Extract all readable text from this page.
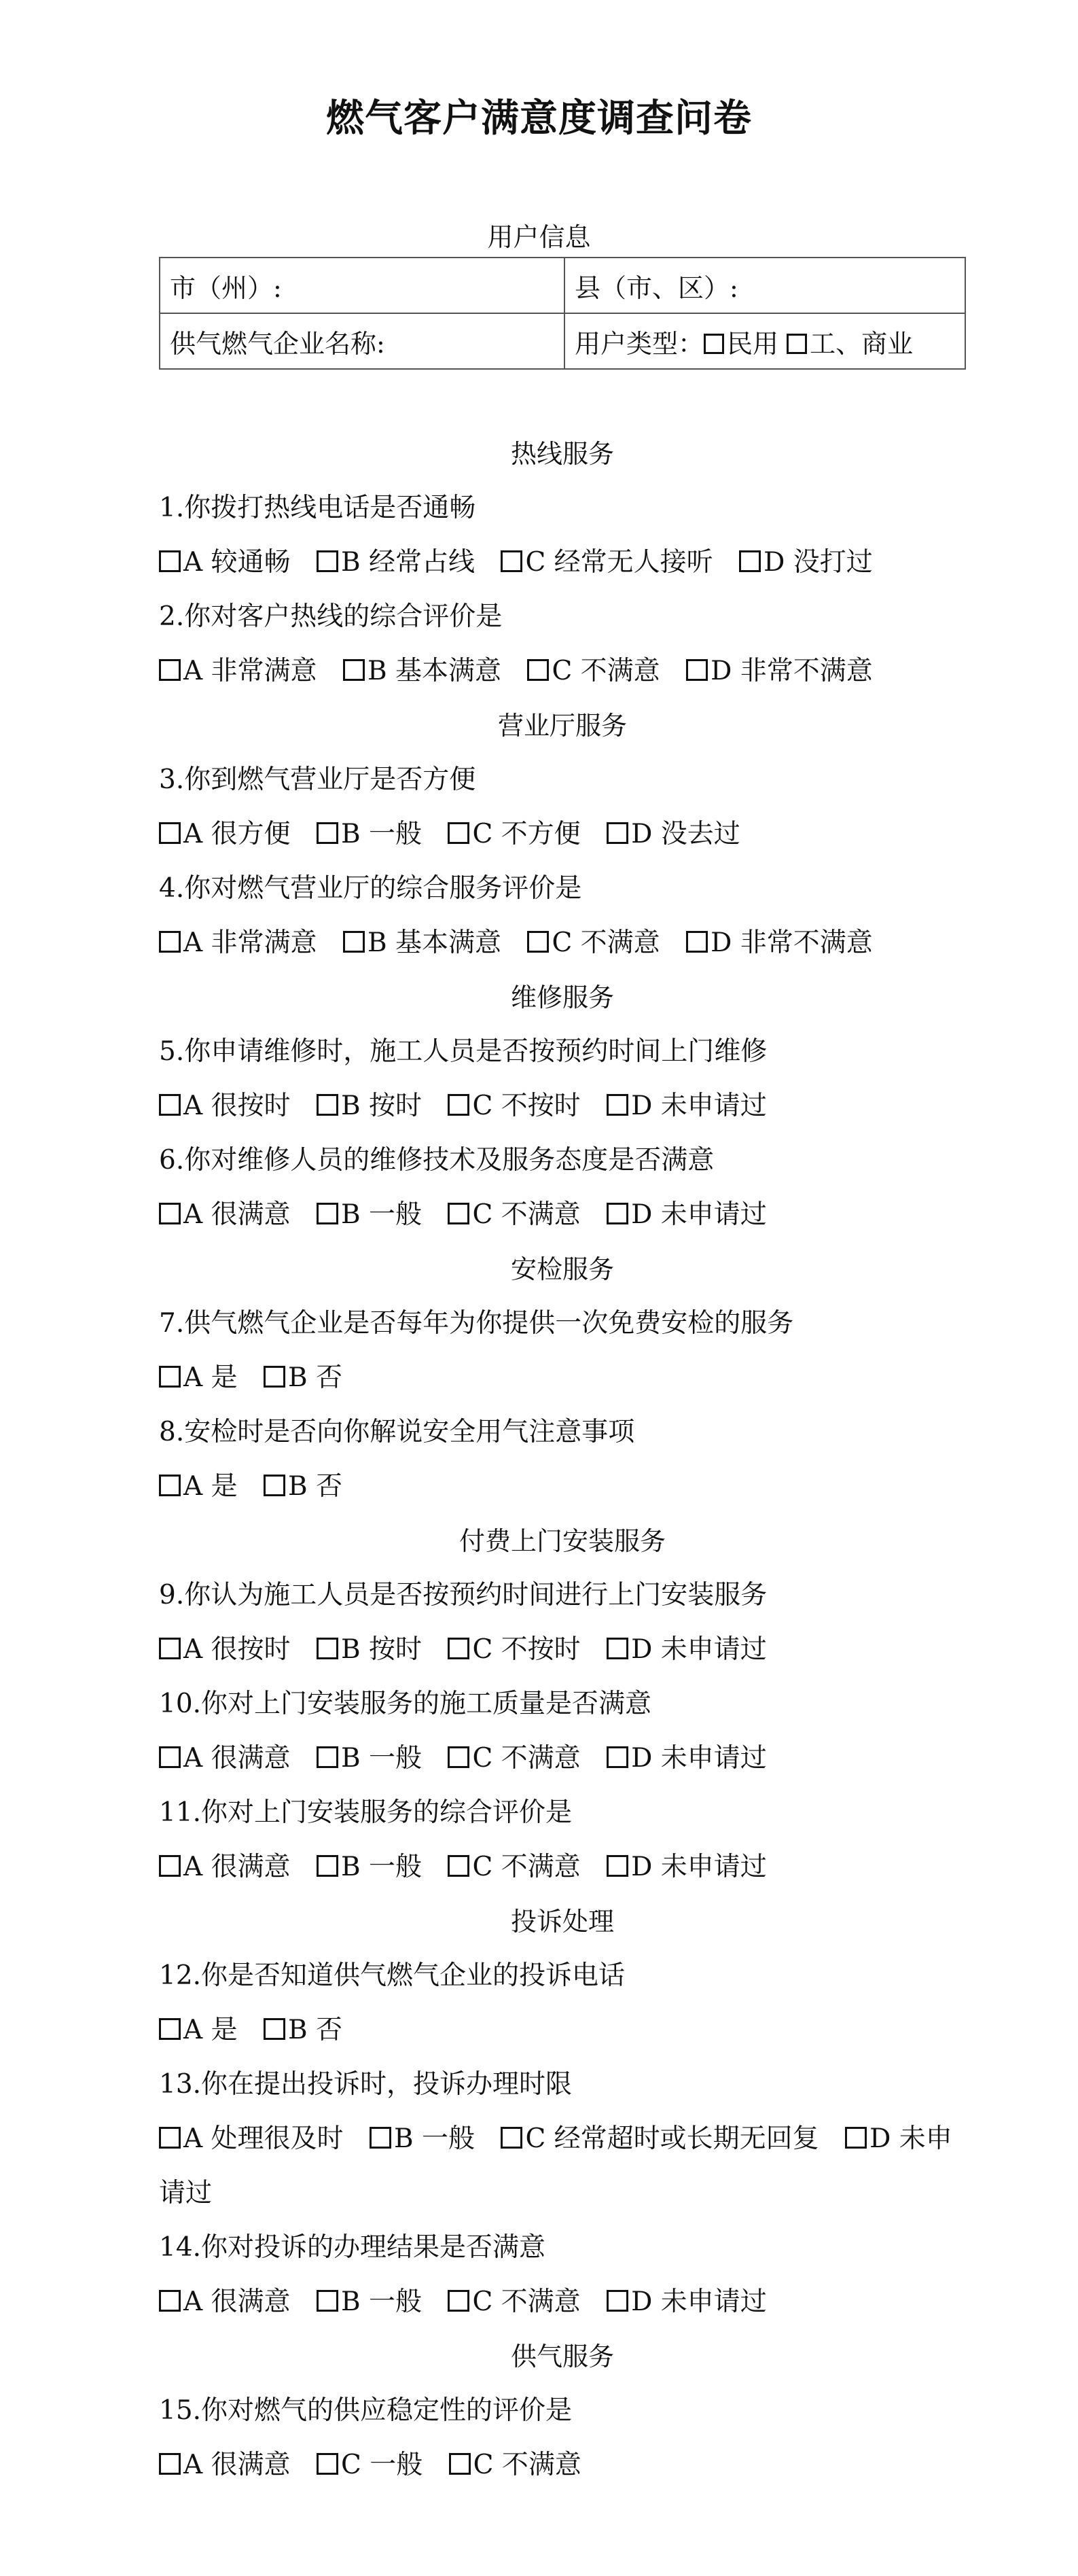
燃气客户满意度调查问卷
用户信息
市（州）:	县（市、区）:
供气燃气企业名称:	用户类型： 民用 工、商业
热线服务
1.你拨打热线电话是否通畅
A 较通畅 B 经常占线 C 经常无人接听 D 没打过
2.你对客户热线的综合评价是
A 非常满意 B 基本满意 C 不满意 D 非常不满意
营业厅服务
3.你到燃气营业厅是否方便
A 很方便 B 一般 C 不方便 D 没去过
4.你对燃气营业厅的综合服务评价是
A 非常满意 B 基本满意 C 不满意 D 非常不满意
维修服务
5.你申请维修时，施工人员是否按预约时间上门维修
A 很按时 B 按时 C 不按时 D 未申请过
6.你对维修人员的维修技术及服务态度是否满意
A 很满意 B 一般 C 不满意 D 未申请过
安检服务
7.供气燃气企业是否每年为你提供一次免费安检的服务
A 是 B 否
8.安检时是否向你解说安全用气注意事项
A 是 B 否
付费上门安装服务
9.你认为施工人员是否按预约时间进行上门安装服务
A 很按时 B 按时 C 不按时 D 未申请过
10.你对上门安装服务的施工质量是否满意
A 很满意 B 一般 C 不满意 D 未申请过
11.你对上门安装服务的综合评价是
A 很满意 B 一般 C 不满意 D 未申请过
投诉处理
12.你是否知道供气燃气企业的投诉电话
A 是 B 否
13.你在提出投诉时，投诉办理时限
A 处理很及时 B 一般 C 经常超时或长期无回复 D 未申请过
14.你对投诉的办理结果是否满意
A 很满意 B 一般 C 不满意 D 未申请过
供气服务
15.你对燃气的供应稳定性的评价是
A 很满意 C 一般 C 不满意
